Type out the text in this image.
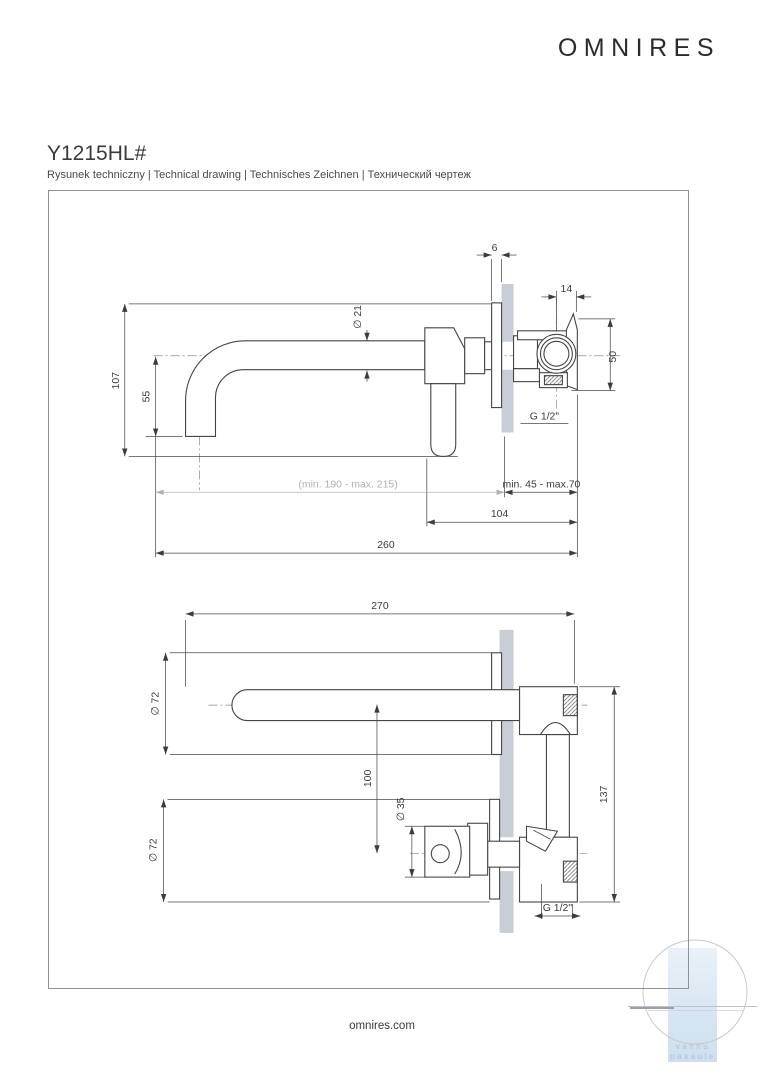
vannu
pasaule
OMNIRES
Y1215HL#
Rysunek techniczny | Technical drawing | Technisches Zeichnen | Технический чертеж
6
14
50
107
55
∅ 21
(min. 190 - max. 215)	min. 45 - max.70
104
260
G 1/2"
270
∅ 72
100
∅ 35
∅ 72
137
G 1/2"
omnires.com
